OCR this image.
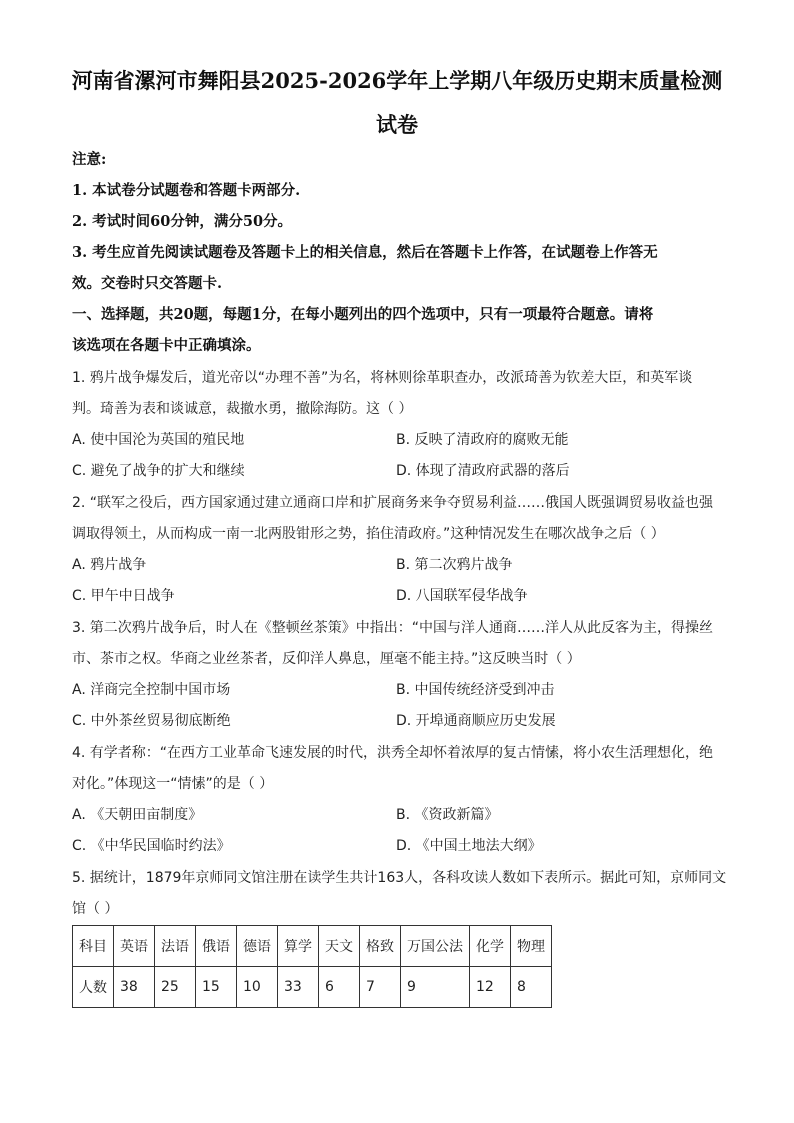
河南省漯河市舞阳县2025-2026学年上学期八年级历史期末质量检测
试卷
注意:
1. 本试卷分试题卷和答题卡两部分.
2. 考试时间60分钟，满分50分。
3. 考生应首先阅读试题卷及答题卡上的相关信息，然后在答题卡上作答，在试题卷上作答无
效。交卷时只交答题卡.
一、选择题，共20题，每题1分，在每小题列出的四个选项中，只有一项最符合题意。请将
该选项在各题卡中正确填涂。
1. 鸦片战争爆发后，道光帝以“办理不善”为名，将林则徐革职查办，改派琦善为钦差大臣，和英军谈
判。琦善为表和谈诚意，裁撤水勇，撤除海防。这（ ）
A. 使中国沦为英国的殖民地	B. 反映了清政府的腐败无能
C. 避免了战争的扩大和继续	D. 体现了清政府武器的落后
2. “联军之役后，西方国家通过建立通商口岸和扩展商务来争夺贸易利益……俄国人既强调贸易收益也强
调取得领土，从而构成一南一北两股钳形之势，掐住清政府。”这种情况发生在哪次战争之后（ ）
A. 鸦片战争	B. 第二次鸦片战争
C. 甲午中日战争	D. 八国联军侵华战争
3. 第二次鸦片战争后，时人在《整顿丝茶策》中指出：“中国与洋人通商……洋人从此反客为主，得操丝
市、茶市之权。华商之业丝茶者，反仰洋人鼻息，厘毫不能主持。”这反映当时（ ）
A. 洋商完全控制中国市场	B. 中国传统经济受到冲击
C. 中外茶丝贸易彻底断绝	D. 开埠通商顺应历史发展
4. 有学者称：“在西方工业革命飞速发展的时代，洪秀全却怀着浓厚的复古情愫，将小农生活理想化，绝
对化。”体现这一“情愫”的是（ ）
A. 《天朝田亩制度》	B. 《资政新篇》
C. 《中华民国临时约法》	D. 《中国土地法大纲》
5. 据统计，1879年京师同文馆注册在读学生共计163人，各科攻读人数如下表所示。据此可知，京师同文
馆（ ）
科目	英语	法语	俄语	德语	算学	天文	格致	万国公法	化学	物理
人数	38	25	15	10	33	6	7	9	12	8
